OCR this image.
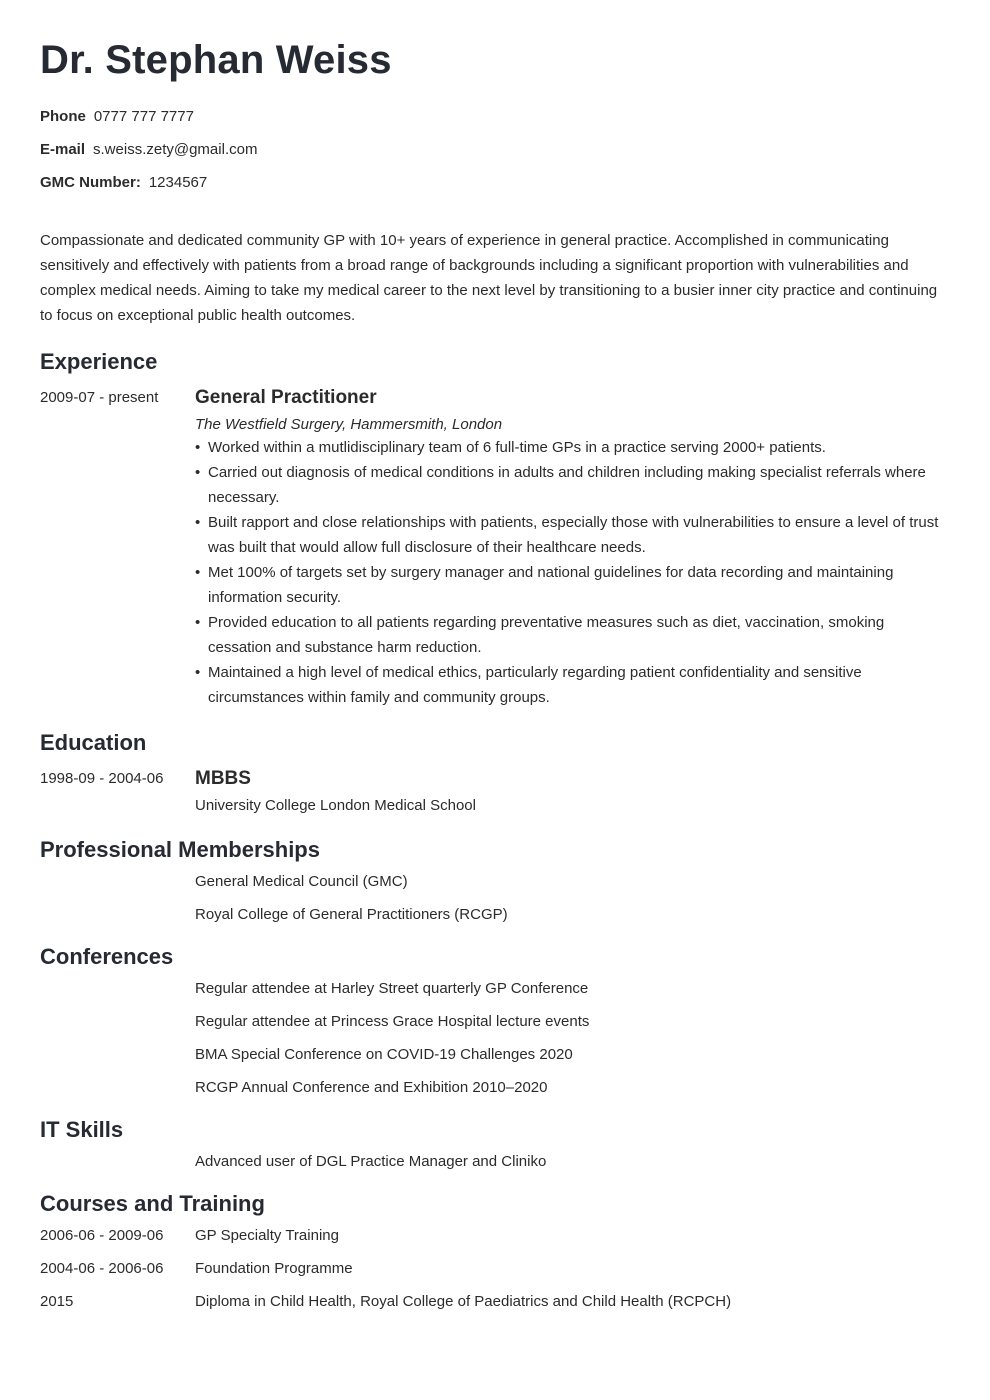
Dr. Stephan Weiss
Phone 0777 777 7777
E-mail s.weiss.zety@gmail.com
GMC Number: 1234567
Compassionate and dedicated community GP with 10+ years of experience in general practice. Accomplished in communicating sensitively and effectively with patients from a broad range of backgrounds including a significant proportion with vulnerabilities and complex medical needs. Aiming to take my medical career to the next level by transitioning to a busier inner city practice and continuing to focus on exceptional public health outcomes.
Experience
2009-07 - present	General Practitioner
The Westfield Surgery, Hammersmith, London
• Worked within a mutlidisciplinary team of 6 full-time GPs in a practice serving 2000+ patients.
• Carried out diagnosis of medical conditions in adults and children including making specialist referrals where necessary.
• Built rapport and close relationships with patients, especially those with vulnerabilities to ensure a level of trust was built that would allow full disclosure of their healthcare needs.
• Met 100% of targets set by surgery manager and national guidelines for data recording and maintaining information security.
• Provided education to all patients regarding preventative measures such as diet, vaccination, smoking cessation and substance harm reduction.
• Maintained a high level of medical ethics, particularly regarding patient confidentiality and sensitive circumstances within family and community groups.
Education
1998-09 - 2004-06	MBBS
University College London Medical School
Professional Memberships
General Medical Council (GMC)
Royal College of General Practitioners (RCGP)
Conferences
Regular attendee at Harley Street quarterly GP Conference
Regular attendee at Princess Grace Hospital lecture events
BMA Special Conference on COVID-19 Challenges 2020
RCGP Annual Conference and Exhibition 2010–2020
IT Skills
Advanced user of DGL Practice Manager and Cliniko
Courses and Training
2006-06 - 2009-06	GP Specialty Training
2004-06 - 2006-06	Foundation Programme
2015	Diploma in Child Health, Royal College of Paediatrics and Child Health (RCPCH)
